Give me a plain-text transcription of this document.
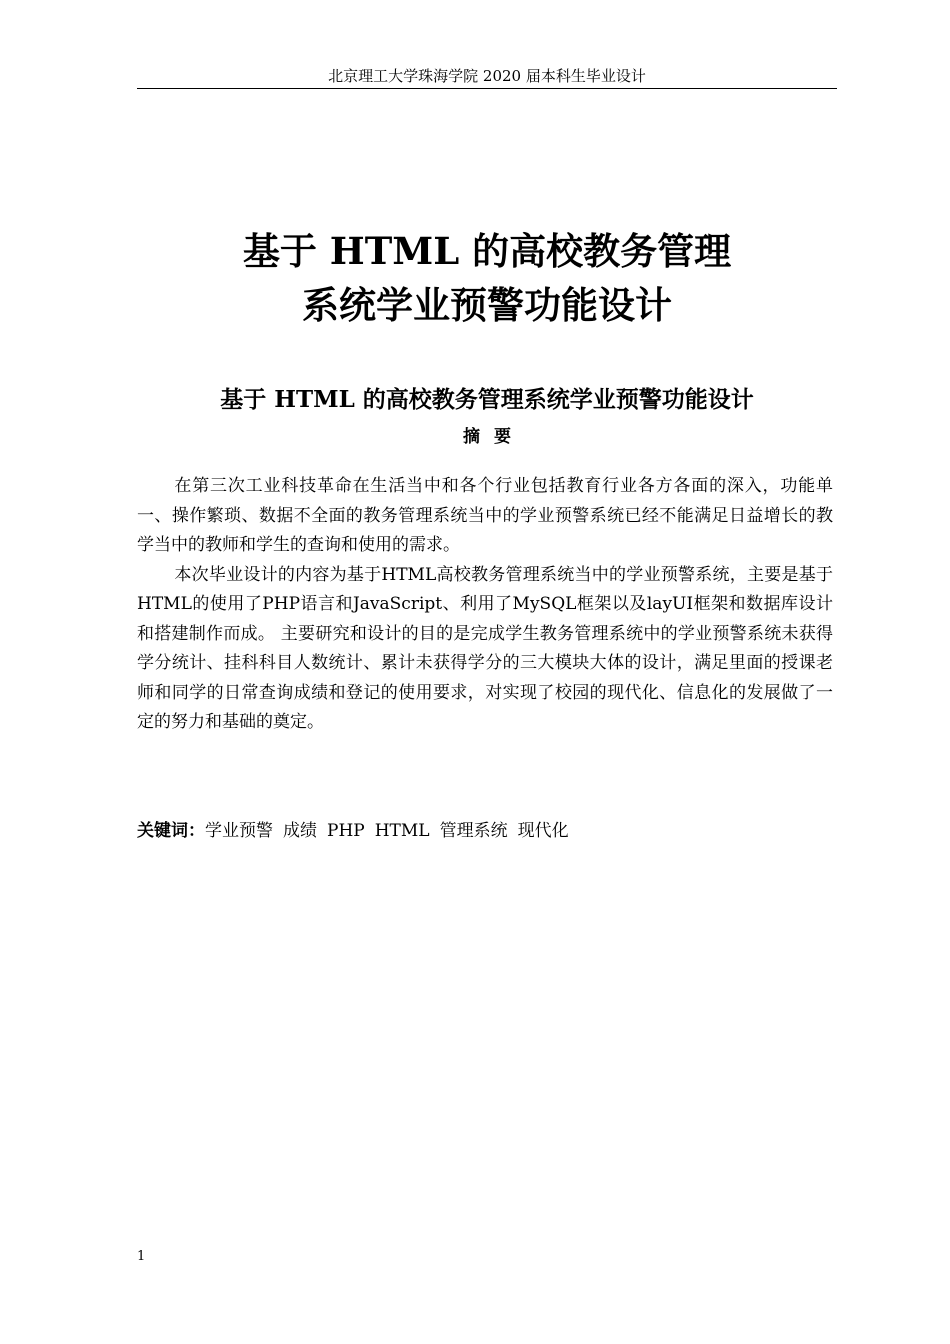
北京理工大学珠海学院 2020 届本科生毕业设计
基于 HTML 的高校教务管理
系统学业预警功能设计
基于 HTML 的高校教务管理系统学业预警功能设计
摘要

在第三次工业科技革命在生活当中和各个行业包括教育行业各方各面的深入，功能单一、操作繁琐、数据不全面的教务管理系统当中的学业预警系统已经不能满足日益增长的教学当中的教师和学生的查询和使用的需求。

本次毕业设计的内容为基于HTML高校教务管理系统当中的学业预警系统，主要是基于HTML的使用了PHP语言和JavaScript、利用了MySQL框架以及layUI框架和数据库设计和搭建制作而成。 主要研究和设计的目的是完成学生教务管理系统中的学业预警系统未获得学分统计、挂科科目人数统计、累计未获得学分的三大模块大体的设计，满足里面的授课老师和同学的日常查询成绩和登记的使用要求，对实现了校园的现代化、信息化的发展做了一定的努力和基础的奠定。

关键词：学业预警 成绩 PHP HTML 管理系统 现代化
1
